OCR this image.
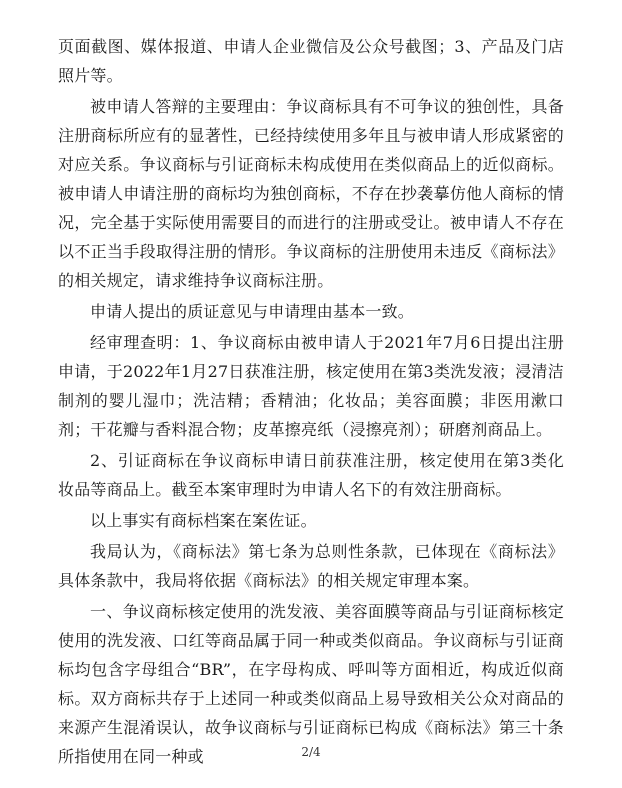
页面截图、媒体报道、申请人企业微信及公众号截图；3、产品及门店照片等。

被申请人答辩的主要理由：争议商标具有不可争议的独创性，具备注册商标所应有的显著性，已经持续使用多年且与被申请人形成紧密的对应关系。争议商标与引证商标未构成使用在类似商品上的近似商标。被申请人申请注册的商标均为独创商标，不存在抄袭摹仿他人商标的情况，完全基于实际使用需要目的而进行的注册或受让。被申请人不存在以不正当手段取得注册的情形。争议商标的注册使用未违反《商标法》的相关规定，请求维持争议商标注册。

申请人提出的质证意见与申请理由基本一致。

经审理查明：1、争议商标由被申请人于2021年7月6日提出注册申请，于2022年1月27日获准注册，核定使用在第3类洗发液；浸清洁制剂的婴儿湿巾；洗洁精；香精油；化妆品；美容面膜；非医用漱口剂；干花瓣与香料混合物；皮革擦亮纸（浸擦亮剂）；研磨剂商品上。

2、引证商标在争议商标申请日前获准注册，核定使用在第3类化妆品等商品上。截至本案审理时为申请人名下的有效注册商标。

以上事实有商标档案在案佐证。

我局认为，《商标法》第七条为总则性条款，已体现在《商标法》具体条款中，我局将依据《商标法》的相关规定审理本案。

一、争议商标核定使用的洗发液、美容面膜等商品与引证商标核定使用的洗发液、口红等商品属于同一种或类似商品。争议商标与引证商标均包含字母组合“BR”，在字母构成、呼叫等方面相近，构成近似商标。双方商标共存于上述同一种或类似商品上易导致相关公众对商品的来源产生混淆误认，故争议商标与引证商标已构成《商标法》第三十条所指使用在同一种或	2/4
